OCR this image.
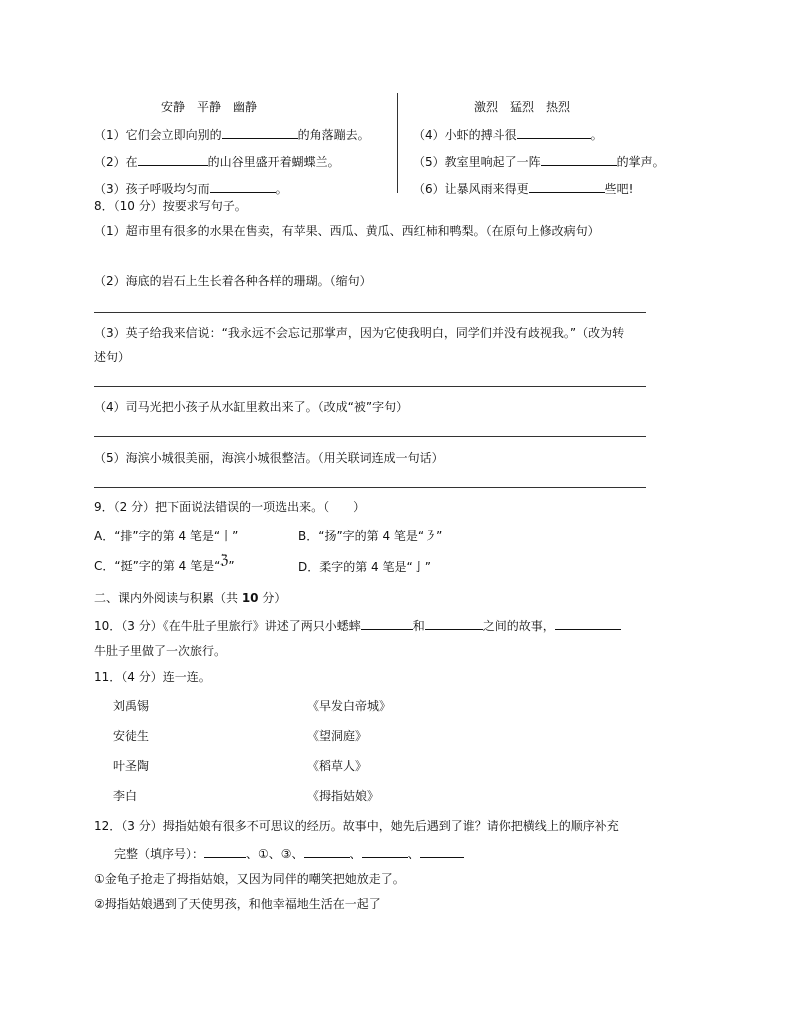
安静　平静　幽静	激烈　猛烈　热烈
（1）它们会立即向别的	的角落蹦去。
（2）在	的山谷里盛开着蝴蝶兰。
（3）孩子呼吸均匀而	。
（4）小虾的搏斗很	。
（5）教室里响起了一阵	的掌声。
（6）让暴风雨来得更	些吧!
8．（10 分）按要求写句子。
（1）超市里有很多的水果在售卖，有苹果、西瓜、黄瓜、西红柿和鸭梨。（在原句上修改病句）
（2）海底的岩石上生长着各种各样的珊瑚。（缩句）
（3）英子给我来信说：“我永远不会忘记那掌声，因为它使我明白，同学们并没有歧视我。”（改为转
述句）
（4）司马光把小孩子从水缸里救出来了。（改成“被”字句）
（5）海滨小城很美丽，海滨小城很整洁。（用关联词连成一句话）
9．（2 分）把下面说法错误的一项选出来。（　　）
A．“排”字的第 4 笔是“丨”	B．“扬”字的第 4 笔是“㇋”
C．“挺”字的第 4 笔是“ℨ”	D．柔字的第 4 笔是“亅”
二、课内外阅读与积累（共 10 分）
10．（3 分）《在牛肚子里旅行》讲述了两只小蟋蟀	和	之间的故事，
牛肚子里做了一次旅行。
11．（4 分）连一连。
刘禹锡
安徒生
叶圣陶
李白
《早发白帝城》
《望洞庭》
《稻草人》
《拇指姑娘》
12．（3 分）拇指姑娘有很多不可思议的经历。故事中，她先后遇到了谁？请你把横线上的顺序补充
完整（填序号）：	、①、③、	、	、
①金龟子抢走了拇指姑娘，又因为同伴的嘲笑把她放走了。
②拇指姑娘遇到了天使男孩，和他幸福地生活在一起了
